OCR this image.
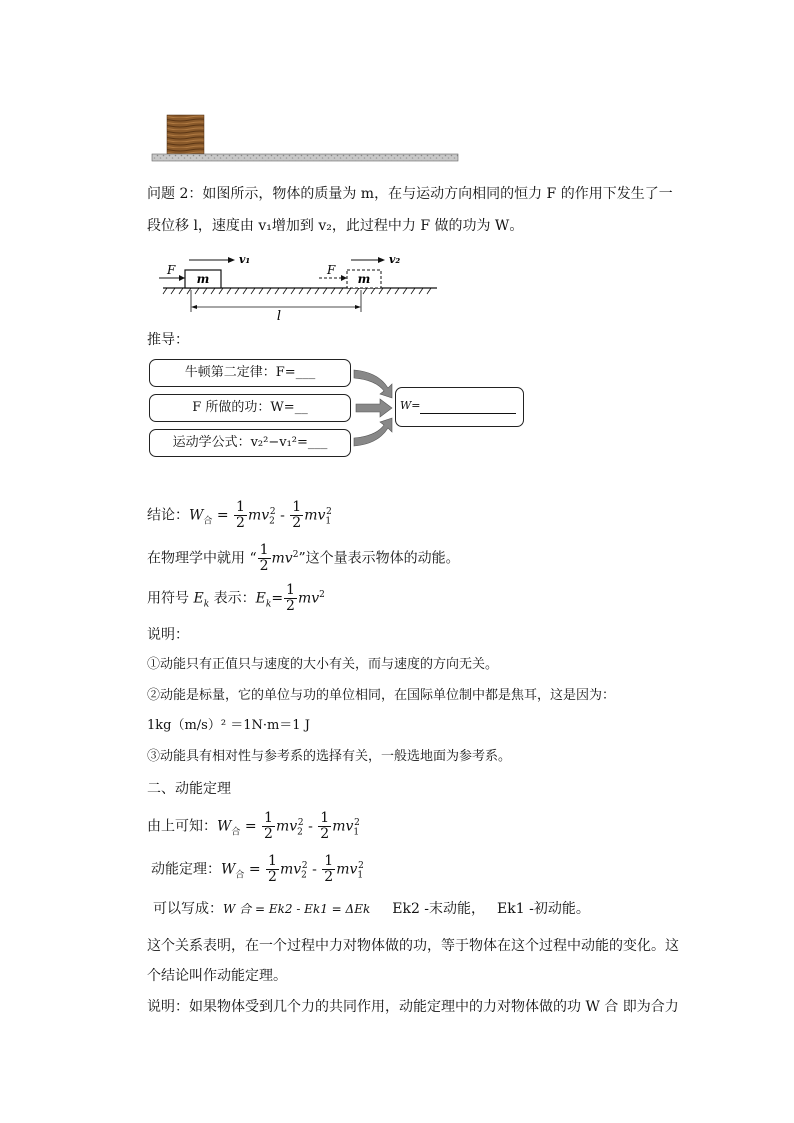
问题 2：如图所示，物体的质量为 m，在与运动方向相同的恒力 F 的作用下发生了一
段位移 l，速度由 v₁增加到 v₂，此过程中力 F 做的功为 W。
m
F
v₁
m
F
v₂
l
推导：
牛顿第二定律：F=___
F 所做的功：W=__
运动学公式：v₂²−v₁²=___
W=
结论：$W_合 = \frac{1}{2} mv_2^2 - \frac{1}{2} mv_1^2$
在物理学中就用 “ $\frac{1}{2} mv^2$”这个量表示物体的动能。
用符号 $E_k$ 表示：$E_k= \frac{1}{2} mv^2$
说明：
①动能只有正值只与速度的大小有关，而与速度的方向无关。
②动能是标量，它的单位与功的单位相同，在国际单位制中都是焦耳，这是因为：
1kg（m/s）² ＝1N·m＝1 J
③动能具有相对性与参考系的选择有关，一般选地面为参考系。
二、动能定理
由上可知：$W_合 = \frac{1}{2} mv_2^2 - \frac{1}{2} mv_1^2$
动能定理：$W_合 = \frac{1}{2} mv_2^2 - \frac{1}{2} mv_1^2$
可以写成：W 合 = Ek2 - Ek1 = ΔEk Ek2 -末动能， Ek1 -初动能。
这个关系表明，在一个过程中力对物体做的功，等于物体在这个过程中动能的变化。这
个结论叫作动能定理。
说明：如果物体受到几个力的共同作用，动能定理中的力对物体做的功 W 合 即为合力
